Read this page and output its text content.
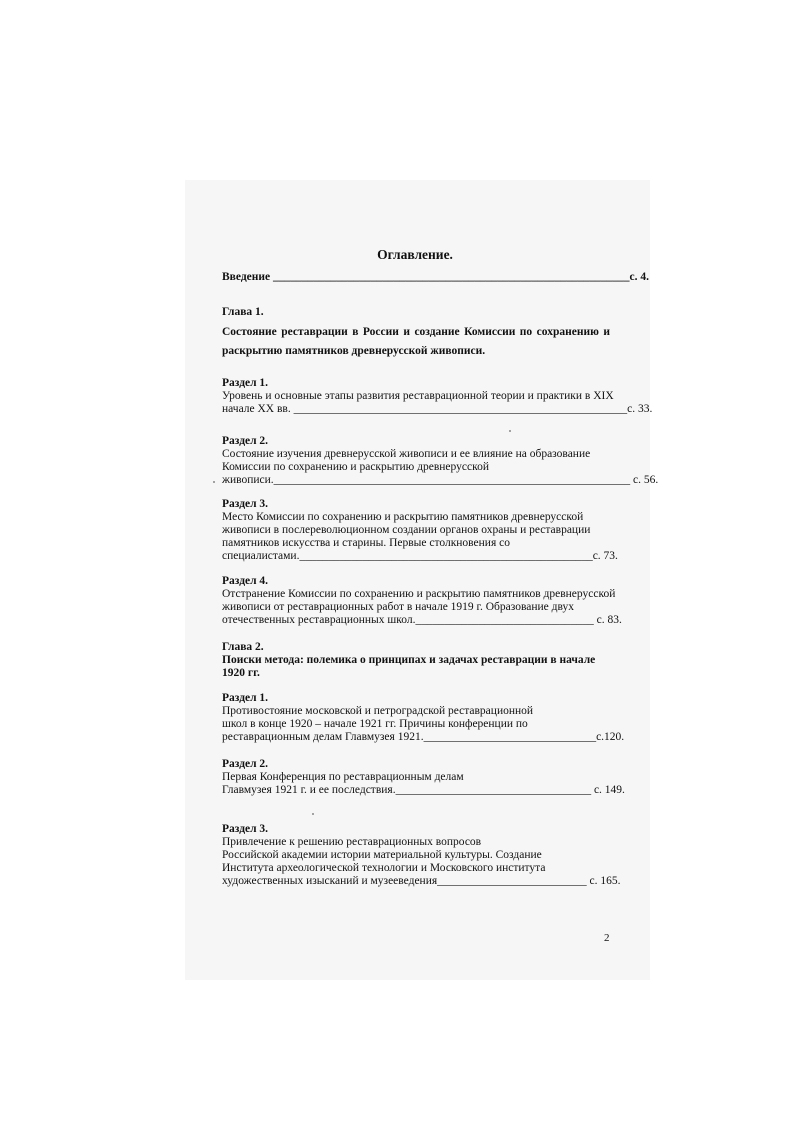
Оглавление.
Введение ______________________________________________________________с. 4.
Глава 1.
Состояние реставрации в России и создание Комиссии по сохранению и
раскрытию памятников древнерусской живописи.
Раздел 1.
Уровень и основные этапы развития реставрационной теории и практики в XIX
начале XX вв. __________________________________________________________с. 33.
Раздел 2.
Состояние изучения древнерусской живописи и ее влияние на образование
Комиссии по сохранению и раскрытию древнерусской
живописи.______________________________________________________________ с. 56.
Раздел 3.
Место Комиссии по сохранению и раскрытию памятников древнерусской
живописи в послереволюционном создании органов охраны и реставрации
памятников искусства и старины. Первые столкновения со
специалистами.___________________________________________________с. 73.
Раздел 4.
Отстранение Комиссии по сохранению и раскрытию памятников древнерусской
живописи от реставрационных работ в начале 1919 г. Образование двух
отечественных реставрационных школ._______________________________ с. 83.
Глава 2.
Поиски метода: полемика о принципах и задачах реставрации в начале
1920 гг.
Раздел 1.
Противостояние московской и петроградской реставрационной
школ в конце 1920 – начале 1921 гг. Причины конференции по
реставрационным делам Главмузея 1921.______________________________с.120.
Раздел 2.
Первая Конференция по реставрационным делам
Главмузея 1921 г. и ее последствия.__________________________________ с. 149.
Раздел 3.
Привлечение к решению реставрационных вопросов
Российской академии истории материальной культуры. Создание
Института археологической технологии и Московского института
художественных изысканий и музееведения__________________________ с. 165.
2
